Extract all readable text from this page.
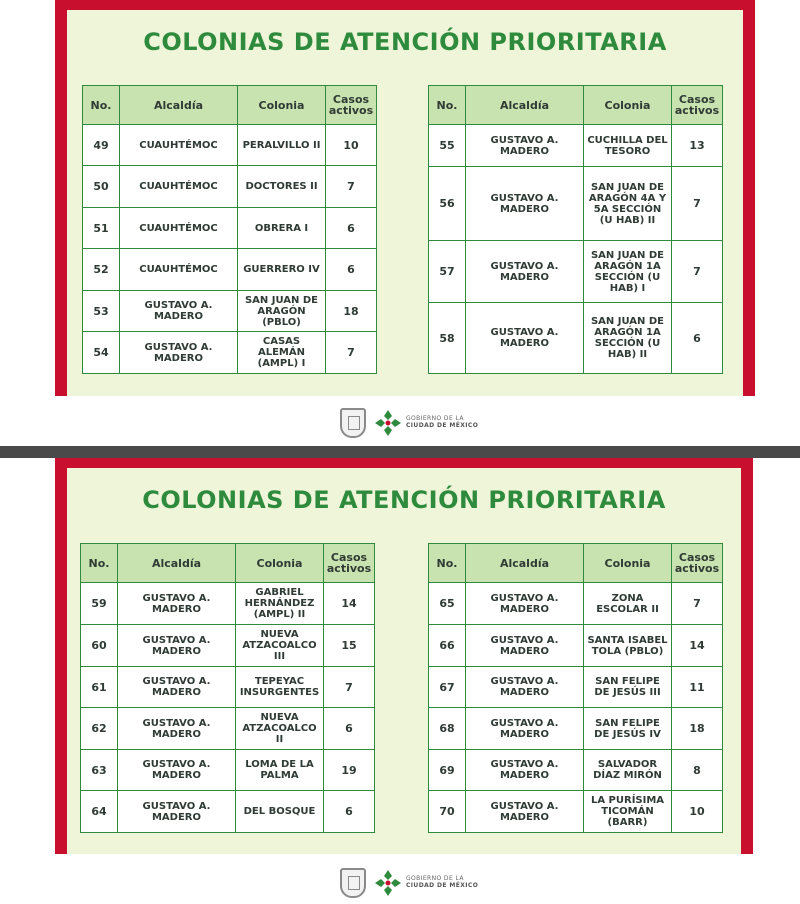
COLONIAS DE ATENCIÓN PRIORITARIA
No.	Alcaldía	Colonia	Casos activos
49	CUAUHTÉMOC	PERALVILLO II	10
50	CUAUHTÉMOC	DOCTORES II	7
51	CUAUHTÉMOC	OBRERA I	6
52	CUAUHTÉMOC	GUERRERO IV	6
53	GUSTAVO A. MADERO	SAN JUAN DE ARAGÓN (PBLO)	18
54	GUSTAVO A. MADERO	CASAS ALEMÁN (AMPL) I	7
No.	Alcaldía	Colonia	Casos activos
55	GUSTAVO A. MADERO	CUCHILLA DEL TESORO	13
56	GUSTAVO A. MADERO	SAN JUAN DE ARAGÓN 4A Y 5A SECCIÓN (U HAB) II	7
57	GUSTAVO A. MADERO	SAN JUAN DE ARAGÓN 1A SECCIÓN (U HAB) I	7
58	GUSTAVO A. MADERO	SAN JUAN DE ARAGÓN 1A SECCIÓN (U HAB) II	6
GOBIERNO DE LA
CIUDAD DE MÉXICO
COLONIAS DE ATENCIÓN PRIORITARIA
No.	Alcaldía	Colonia	Casos activos
59	GUSTAVO A. MADERO	GABRIEL HERNÁNDEZ (AMPL) II	14
60	GUSTAVO A. MADERO	NUEVA ATZACOALCO III	15
61	GUSTAVO A. MADERO	TEPEYAC INSURGENTES	7
62	GUSTAVO A. MADERO	NUEVA ATZACOALCO II	6
63	GUSTAVO A. MADERO	LOMA DE LA PALMA	19
64	GUSTAVO A. MADERO	DEL BOSQUE	6
No.	Alcaldía	Colonia	Casos activos
65	GUSTAVO A. MADERO	ZONA ESCOLAR II	7
66	GUSTAVO A. MADERO	SANTA ISABEL TOLA (PBLO)	14
67	GUSTAVO A. MADERO	SAN FELIPE DE JESÚS III	11
68	GUSTAVO A. MADERO	SAN FELIPE DE JESÚS IV	18
69	GUSTAVO A. MADERO	SALVADOR DÍAZ MIRÓN	8
70	GUSTAVO A. MADERO	LA PURÍSIMA TICOMÁN (BARR)	10
GOBIERNO DE LA
CIUDAD DE MÉXICO
